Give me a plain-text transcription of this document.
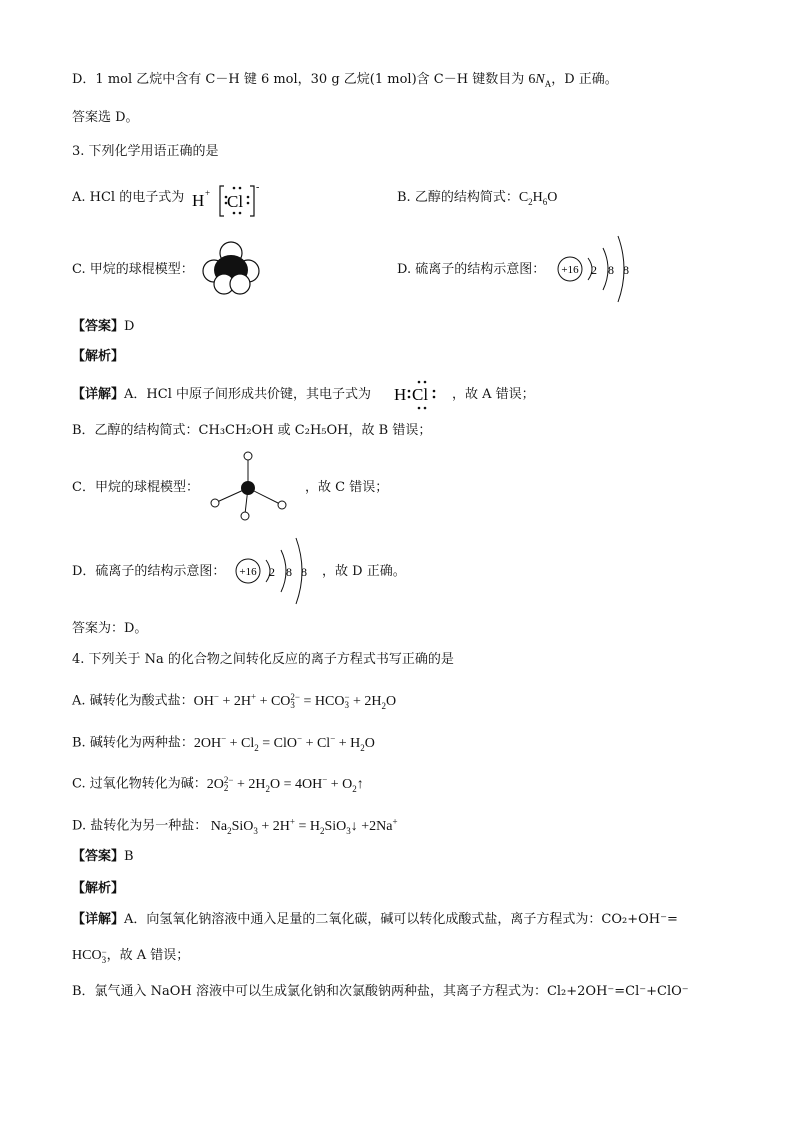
D．1 mol 乙烷中含有 C－H 键 6 mol，30 g 乙烷(1 mol)含 C－H 键数目为 $6N_A$，D 正确。
答案选 D。
3. 下列化学用语正确的是
A. HCl 的电子式为 H + Cl
-
B. 乙醇的结构简式：$C_2H_6O$
C. 甲烷的球棍模型：	D. 硫离子的结构示意图： +16 2 8 8
【答案】D
【解析】
【详解】A．HCl 中原子间形成共价键，其电子式为 H Cl ，故 A 错误；
B．乙醇的结构简式：CH₃CH₂OH 或 C₂H₅OH，故 B 错误；
C．甲烷的球棍模型：	，故 C 错误；
D．硫离子的结构示意图： +16 2 8 8 ，故 D 正确。
答案为：D。
4. 下列关于 Na 的化合物之间转化反应的离子方程式书写正确的是
A. 碱转化为酸式盐：OH− + 2H+ + CO 2−
3 = HCO −
$3 + 2H_2O$
B. 碱转化为两种盐：$2OH^- + Cl_2 = ClO^- + Cl^- + H_2O$
C. 过氧化物转化为碱：2O 2−
$2 + 2H_2O = 4OH^-$ + $O_2↑$
D. 盐转化为另一种盐： $Na_2SiO_3 + 2H^+$ = $H_2SiO_3↓ +2Na^+$
【答案】B
【解析】
【详解】A．向氢氧化钠溶液中通入足量的二氧化碳，碱可以转化成酸式盐，离子方程式为：CO₂+OH⁻=
HCO −
3 ，故 A 错误；
B．氯气通入 NaOH 溶液中可以生成氯化钠和次氯酸钠两种盐，其离子方程式为：Cl₂+2OH⁻=Cl⁻+ClO⁻
